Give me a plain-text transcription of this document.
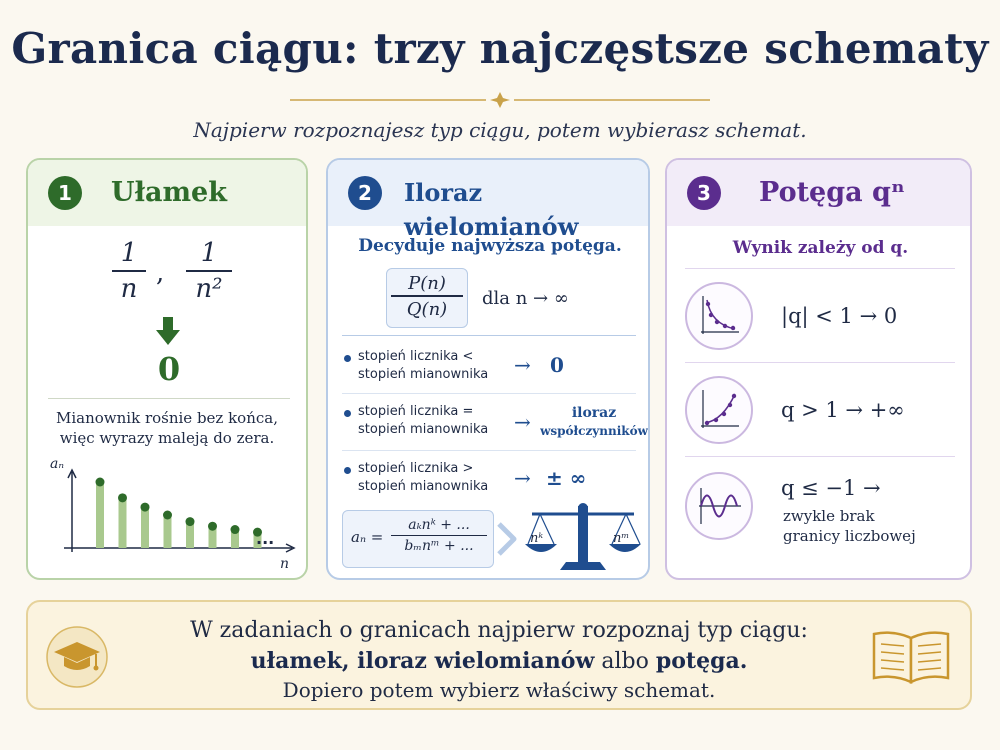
Granica ciągu: trzy najczęstsze schematy
Najpierw rozpoznajesz typ ciągu, potem wybierasz schemat.
1	Ułamek
$\frac{1}{n}$ , $\frac{1}{\text{n²}}$
0
Mianownik rośnie bez końca,
więc wyrazy maleją do zera.
aₙ
n
...
2	Iloraz wielomianów
Decyduje najwyższa potęga.
$\frac{P(n)}{Q(n)}$ dla n → ∞
stopień licznika <
stopień mianownika → 0
stopień licznika =
stopień mianownika →	iloraz
współczynników
stopień licznika >
stopień mianownika → ± ∞
aₙ =
aₖnᵏ + ...
bₘnᵐ + ...	nᵏ	nᵐ
3	Potęga qⁿ
Wynik zależy od q.
|q| < 1 → 0
q > 1 → +∞
q ≤ −1 →
zwykle brak
granicy liczbowej
W zadaniach o granicach najpierw rozpoznaj typ ciągu:
ułamek, iloraz wielomianów albo potęga.
Dopiero potem wybierz właściwy schemat.
